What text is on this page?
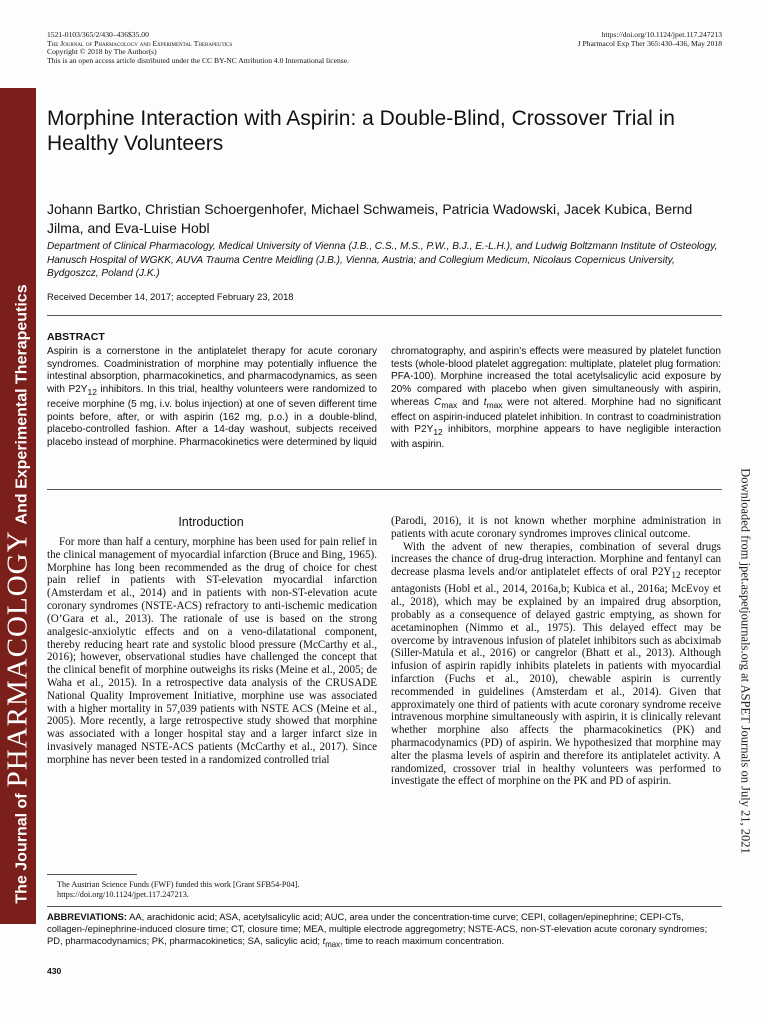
The Journal ofPHARMACOLOGYAnd Experimental Therapeutics
Downloaded from jpet.aspetjournals.org at ASPET Journals on July 21, 2021
1521-0103/365/2/430–436$35.00
The Journal of Pharmacology and Experimental Therapeutics
Copyright © 2018 by The Author(s)
This is an open access article distributed under the CC BY-NC Attribution 4.0 International license.
https://doi.org/10.1124/jpet.117.247213
J Pharmacol Exp Ther 365:430–436, May 2018
Morphine Interaction with Aspirin: a Double-Blind, Crossover Trial in Healthy Volunteers

Johann Bartko, Christian Schoergenhofer, Michael Schwameis, Patricia Wadowski, Jacek Kubica, Bernd Jilma, and Eva-Luise Hobl

Department of Clinical Pharmacology, Medical University of Vienna (J.B., C.S., M.S., P.W., B.J., E.-L.H.), and Ludwig Boltzmann Institute of Osteology, Hanusch Hospital of WGKK, AUVA Trauma Centre Meidling (J.B.), Vienna, Austria; and Collegium Medicum, Nicolaus Copernicus University, Bydgoszcz, Poland (J.K.)

Received December 14, 2017; accepted February 23, 2018

ABSTRACT

Aspirin is a cornerstone in the antiplatelet therapy for acute coronary syndromes. Coadministration of morphine may potentially influence the intestinal absorption, pharmacokinetics, and pharmacodynamics, as seen with $P2Y_{12}$ inhibitors. In this trial, healthy volunteers were randomized to receive morphine (5 mg, i.v. bolus injection) at one of seven different time points before, after, or with aspirin (162 mg, p.o.) in a double-blind, placebo-controlled fashion. After a 14-day washout, subjects received placebo instead of morphine. Pharmacokinetics were determined by liquid

chromatography, and aspirin’s effects were measured by platelet function tests (whole-blood platelet aggregation: multiplate, platelet plug formation: PFA-100). Morphine increased the total acetylsalicylic acid exposure by 20% compared with placebo when given simultaneously with aspirin, whereas $C_{max}$ and $t_{max}$ were not altered. Morphine had no significant effect on aspirin-induced platelet inhibition. In contrast to coadministration with $P2Y_{12}$ inhibitors, morphine appears to have negligible interaction with aspirin.

Introduction
For more than half a century, morphine has been used for pain relief in the clinical management of myocardial infarction (Bruce and Bing, 1965). Morphine has long been recommended as the drug of choice for chest pain relief in patients with ST-elevation myocardial infarction (Amsterdam et al., 2014) and in patients with non-ST-elevation acute coronary syndromes (NSTE-ACS) refractory to anti-ischemic medication (O’Gara et al., 2013). The rationale of use is based on the strong analgesic-anxiolytic effects and on a veno-dilatational component, thereby reducing heart rate and systolic blood pressure (McCarthy et al., 2016); however, observational studies have challenged the concept that the clinical benefit of morphine outweighs its risks (Meine et al., 2005; de Waha et al., 2015). In a retrospective data analysis of the CRUSADE National Quality Improvement Initiative, morphine use was associated with a higher mortality in 57,039 patients with NSTE ACS (Meine et al., 2005). More recently, a large retrospective study showed that morphine was associated with a longer hospital stay and a larger infarct size in invasively managed NSTE-ACS patients (McCarthy et al., 2017). Since morphine has never been tested in a randomized controlled trial
(Parodi, 2016), it is not known whether morphine administration in patients with acute coronary syndromes improves clinical outcome.
With the advent of new therapies, combination of several drugs increases the chance of drug-drug interaction. Morphine and fentanyl can decrease plasma levels and/or antiplatelet effects of oral $P2Y_{12}$ receptor antagonists (Hobl et al., 2014, 2016a,b; Kubica et al., 2016a; McEvoy et al., 2018), which may be explained by an impaired drug absorption, probably as a consequence of delayed gastric emptying, as shown for acetaminophen (Nimmo et al., 1975). This delayed effect may be overcome by intravenous infusion of platelet inhibitors such as abciximab (Siller-Matula et al., 2016) or cangrelor (Bhatt et al., 2013). Although infusion of aspirin rapidly inhibits platelets in patients with myocardial infarction (Fuchs et al., 2010), chewable aspirin is currently recommended in guidelines (Amsterdam et al., 2014). Given that approximately one third of patients with acute coronary syndrome receive intravenous morphine simultaneously with aspirin, it is clinically relevant whether morphine also affects the pharmacokinetics (PK) and pharmacodynamics (PD) of aspirin. We hypothesized that morphine may alter the plasma levels of aspirin and therefore its antiplatelet activity. A randomized, crossover trial in healthy volunteers was performed to investigate the effect of morphine on the PK and PD of aspirin.

The Austrian Science Funds (FWF) funded this work [Grant SFB54-P04].
https://doi.org/10.1124/jpet.117.247213.

ABBREVIATIONS: AA, arachidonic acid; ASA, acetylsalicylic acid; AUC, area under the concentration-time curve; CEPI, collagen/epinephrine; CEPI-CTs, collagen-/epinephrine-induced closure time; CT, closure time; MEA, multiple electrode aggregometry; NSTE-ACS, non-ST-elevation acute coronary syndromes; PD, pharmacodynamics; PK, pharmacokinetics; SA, salicylic acid; $t_{max}$, time to reach maximum concentration.

430
